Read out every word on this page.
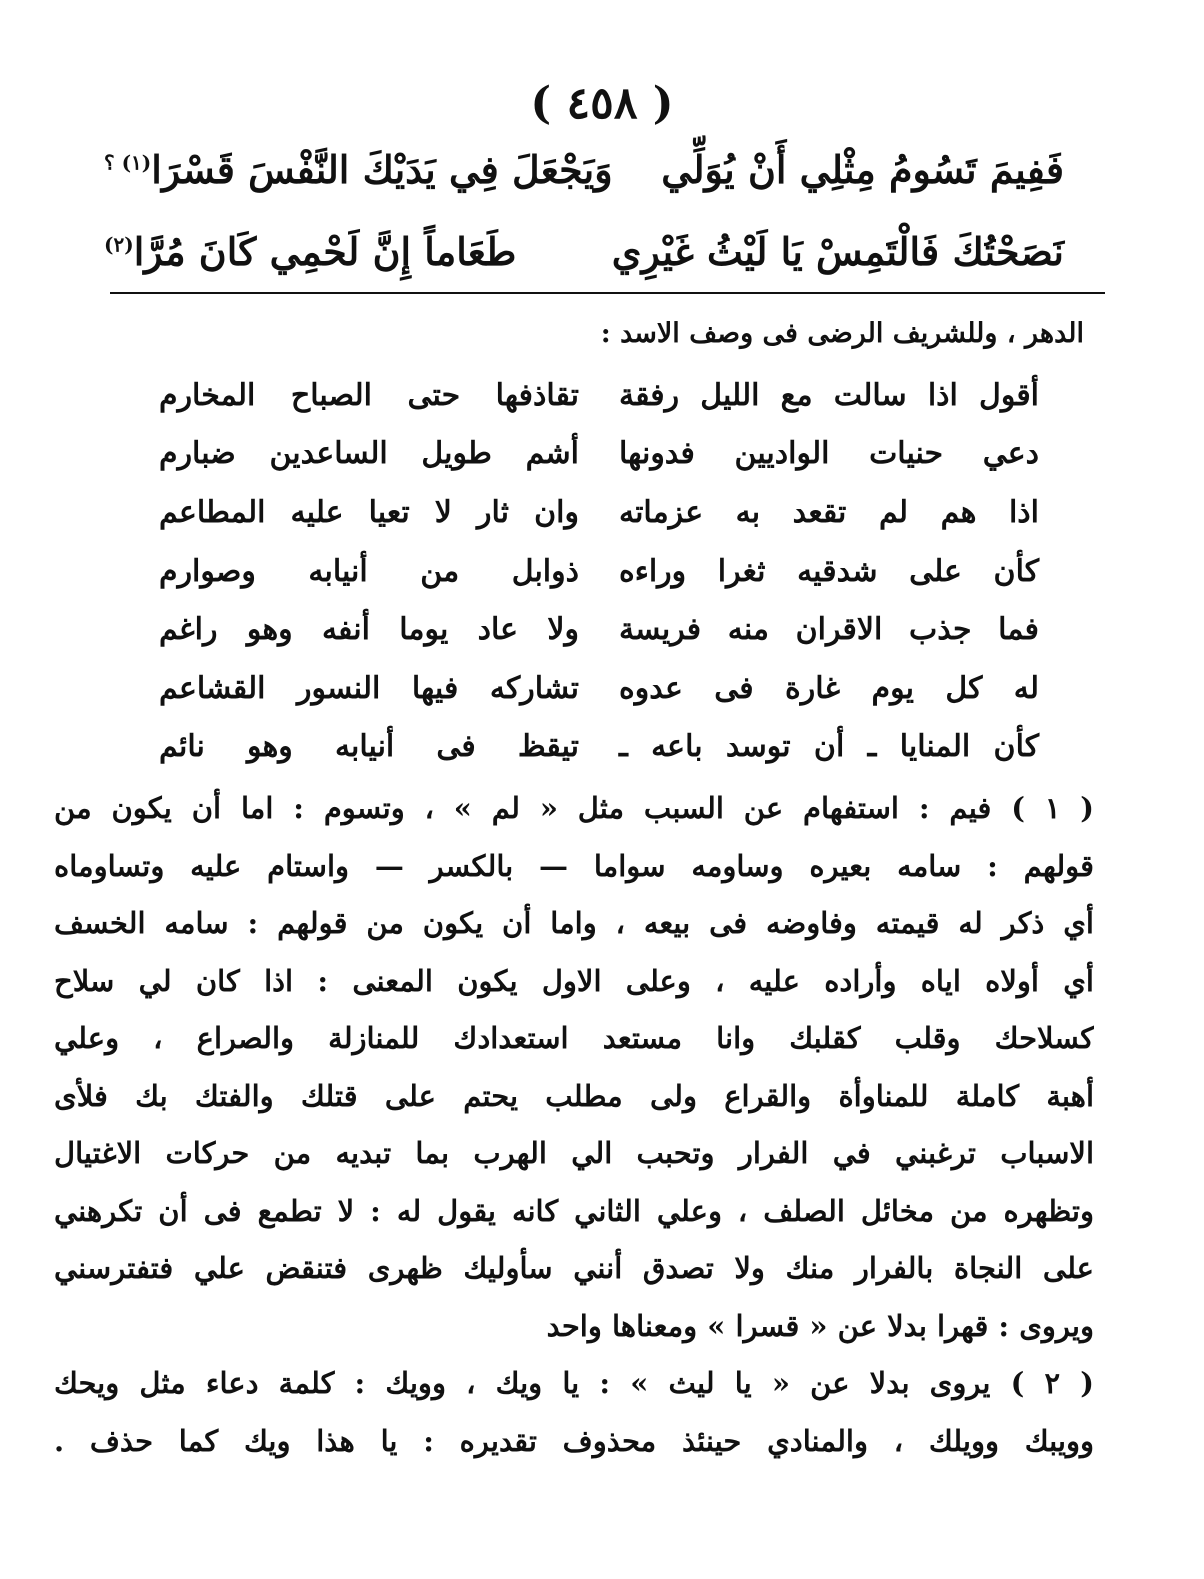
( ٤٥٨ )
فَفِيمَ تَسُومُ مِثْلِي أَنْ يُوَلِّي
وَيَجْعَلَ فِي يَدَيْكَ النَّفْسَ قَسْرَا$^{(١) ؟}$
نَصَحْتُكَ فَالْتَمِسْ يَا لَيْثُ غَيْرِي
طَعَاماً إِنَّ لَحْمِي كَانَ مُرَّا$^{(٢)}$
الدهر ، وللشريف الرضى فى وصف الاسد :
أقول اذا سالت مع الليل رفقة
تقاذفها حتى الصباح المخارم
دعي حنيات الواديين فدونها
أشم طويل الساعدين ضبارم
اذا هم لم تقعد به عزماته
وان ثار لا تعيا عليه المطاعم
كأن على شدقيه ثغرا وراءه
ذوابل من أنيابه وصوارم
فما جذب الاقران منه فريسة
ولا عاد يوما أنفه وهو راغم
له كل يوم غارة فى عدوه
تشاركه فيها النسور القشاعم
كأن المنايا ـ أن توسد باعه ـ
تيقظ فى أنيابه وهو نائم
( ١ ) فيم : استفهام عن السبب مثل « لم » ، وتسوم : اما أن يكون من
قولهم : سامه بعيره وساومه سواما — بالكسر — واستام عليه وتساوماه
أي ذكر له قيمته وفاوضه فى بيعه ، واما أن يكون من قولهم : سامه الخسف
أي أولاه اياه وأراده عليه ، وعلى الاول يكون المعنى : اذا كان لي سلاح
كسلاحك وقلب كقلبك وانا مستعد استعدادك للمنازلة والصراع ، وعلي
أهبة كاملة للمناوأة والقراع ولى مطلب يحتم على قتلك والفتك بك فلأى
الاسباب ترغبني في الفرار وتحبب الي الهرب بما تبديه من حركات الاغتيال
وتظهره من مخائل الصلف ، وعلي الثاني كانه يقول له : لا تطمع فى أن تكرهني
على النجاة بالفرار منك ولا تصدق أنني سأوليك ظهرى فتنقض علي فتفترسني
ويروى : قهرا بدلا عن « قسرا » ومعناها واحد
( ٢ ) يروى بدلا عن « يا ليث » : يا ويك ، وويك : كلمة دعاء مثل ويحك
وويبك وويلك ، والمنادي حينئذ محذوف تقديره : يا هذا ويك كما حذف .
